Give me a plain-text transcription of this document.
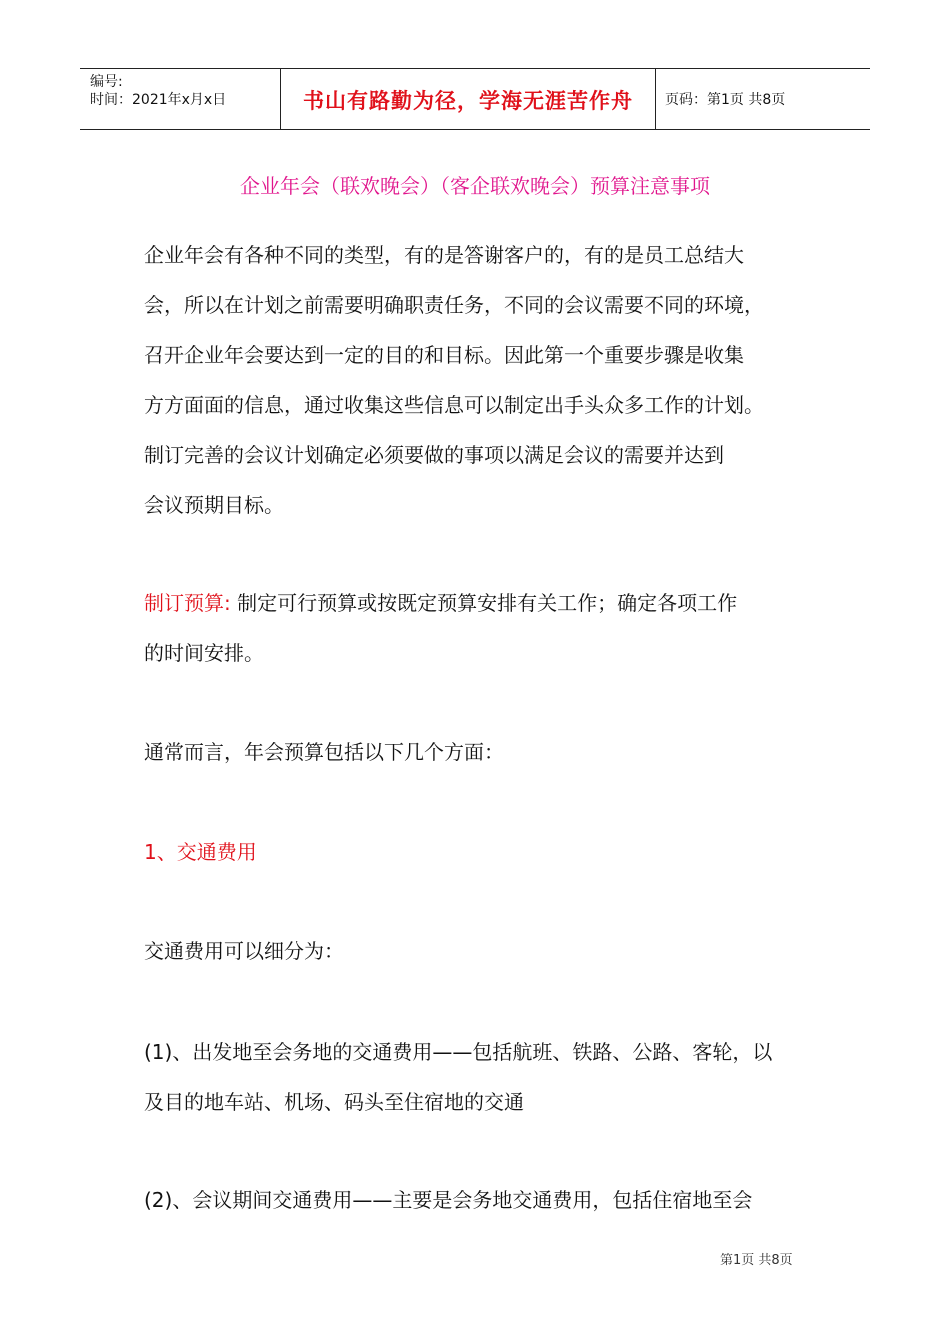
编号:
时间：2021年x月x日	书山有路勤为径，学海无涯苦作舟	页码：第1页 共8页
企业年会（联欢晚会）（客企联欢晚会）预算注意事项

企业年会有各种不同的类型，有的是答谢客户的，有的是员工总结大
会，所以在计划之前需要明确职责任务，不同的会议需要不同的环境，
召开企业年会要达到一定的目的和目标。因此第一个重要步骤是收集
方方面面的信息，通过收集这些信息可以制定出手头众多工作的计划。
制订完善的会议计划确定必须要做的事项以满足会议的需要并达到
会议预期目标。

制订预算: 制定可行预算或按既定预算安排有关工作；确定各项工作
的时间安排。

通常而言，年会预算包括以下几个方面：

1、交通费用

交通费用可以细分为：

(1)、出发地至会务地的交通费用——包括航班、铁路、公路、客轮，以
及目的地车站、机场、码头至住宿地的交通

(2)、会议期间交通费用——主要是会务地交通费用，包括住宿地至会

第1页 共8页
